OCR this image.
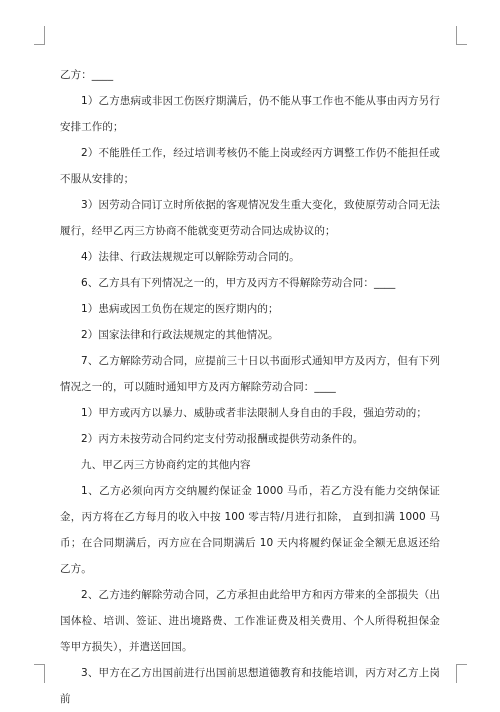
乙方：____

1）乙方患病或非因工伤医疗期满后，仍不能从事工作也不能从事由丙方另行安排工作的；

2）不能胜任工作，经过培训考核仍不能上岗或经丙方调整工作仍不能担任或不服从安排的；

3）因劳动合同订立时所依据的客观情况发生重大变化，致使原劳动合同无法履行，经甲乙丙三方协商不能就变更劳动合同达成协议的；

4）法律、行政法规规定可以解除劳动合同的。

6、乙方具有下列情况之一的，甲方及丙方不得解除劳动合同：____

1）患病或因工负伤在规定的医疗期内的；

2）国家法律和行政法规规定的其他情况。

7、乙方解除劳动合同，应提前三十日以书面形式通知甲方及丙方，但有下列情况之一的，可以随时通知甲方及丙方解除劳动合同：____

1）甲方或丙方以暴力、威胁或者非法限制人身自由的手段，强迫劳动的；

2）丙方未按劳动合同约定支付劳动报酬或提供劳动条件的。

九、甲乙丙三方协商约定的其他内容

1、乙方必须向丙方交纳履约保证金 1000 马币，若乙方没有能力交纳保证金，丙方将在乙方每月的收入中按 100 零吉特/月进行扣除， 直到扣满 1000 马币；在合同期满后，丙方应在合同期满后 10 天内将履约保证金全额无息返还给乙方。

2、乙方违约解除劳动合同，乙方承担由此给甲方和丙方带来的全部损失（出国体检、培训、签证、进出境路费、工作准证费及相关费用、个人所得税担保金等甲方损失），并遣送回国。

3、甲方在乙方出国前进行出国前思想道德教育和技能培训，丙方对乙方上岗前
